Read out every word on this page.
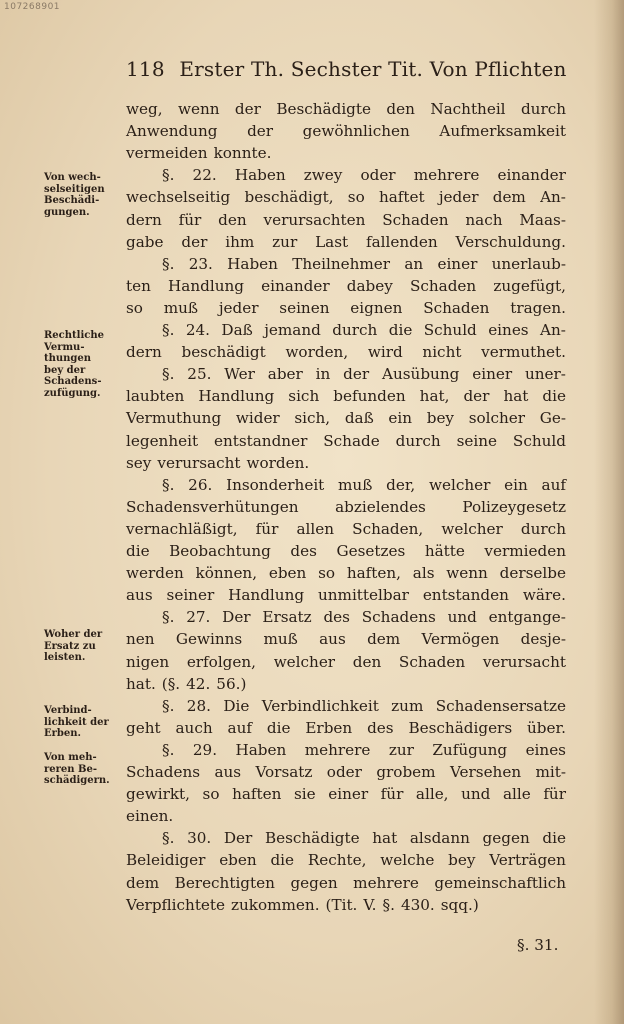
107268901
118 Erster Th. Sechster Tit. Von Pflichten
Von wech-
selseitigen
Beschädi-
gungen.
Rechtliche
Vermu-
thungen
bey der
Schadens-
zufügung.
Woher der
Ersatz zu
leisten.
Verbind-
lichkeit der
Erben.
Von meh-
reren Be-
schädigern.
weg, wenn der Beschädigte den Nachtheil durch
Anwendung der gewöhnlichen Aufmerksamkeit
vermeiden konnte.
§. 22. Haben zwey oder mehrere einander
wechselseitig beschädigt, so haftet jeder dem An-
dern für den verursachten Schaden nach Maas-
gabe der ihm zur Last fallenden Verschuldung.
§. 23. Haben Theilnehmer an einer unerlaub-
ten Handlung einander dabey Schaden zugefügt,
so muß jeder seinen eignen Schaden tragen.
§. 24. Daß jemand durch die Schuld eines An-
dern beschädigt worden, wird nicht vermuthet.
§. 25. Wer aber in der Ausübung einer uner-
laubten Handlung sich befunden hat, der hat die
Vermuthung wider sich, daß ein bey solcher Ge-
legenheit entstandner Schade durch seine Schuld
sey verursacht worden.
§. 26. Insonderheit muß der, welcher ein auf
Schadensverhütungen abzielendes Polizeygesetz
vernachläßigt, für allen Schaden, welcher durch
die Beobachtung des Gesetzes hätte vermieden
werden können, eben so haften, als wenn derselbe
aus seiner Handlung unmittelbar entstanden wäre.
§. 27. Der Ersatz des Schadens und entgange-
nen Gewinns muß aus dem Vermögen desje-
nigen erfolgen, welcher den Schaden verursacht
hat. (§. 42. 56.)
§. 28. Die Verbindlichkeit zum Schadensersatze
geht auch auf die Erben des Beschädigers über.
§. 29. Haben mehrere zur Zufügung eines
Schadens aus Vorsatz oder grobem Versehen mit-
gewirkt, so haften sie einer für alle, und alle für
einen.
§. 30. Der Beschädigte hat alsdann gegen die
Beleidiger eben die Rechte, welche bey Verträgen
dem Berechtigten gegen mehrere gemeinschaftlich
Verpflichtete zukommen. (Tit. V. §. 430. sqq.)
§. 31.
